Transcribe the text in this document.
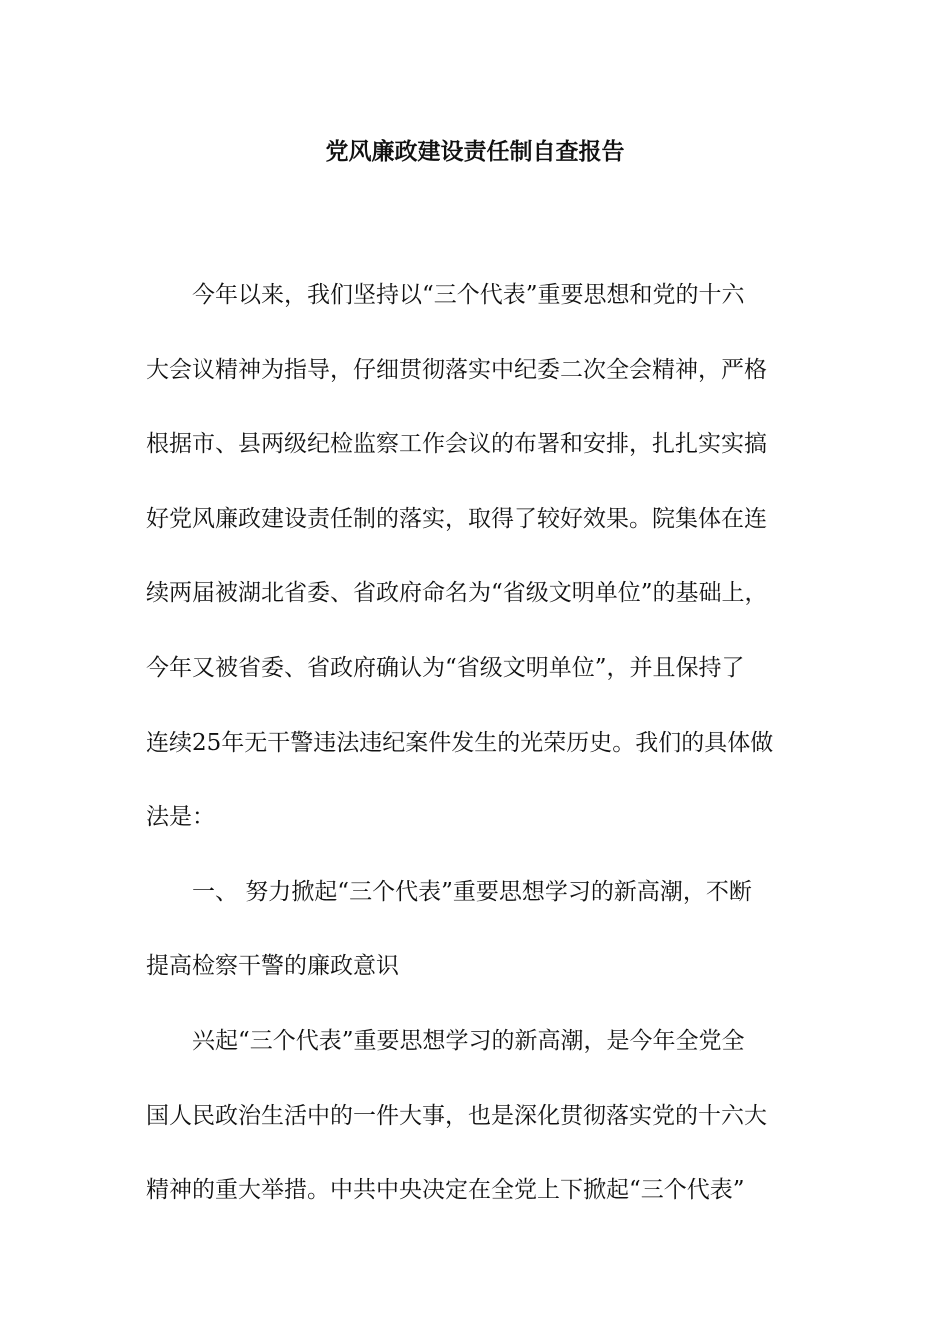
党风廉政建设责任制自查报告
今年以来，我们坚持以“三个代表”重要思想和党的十六
大会议精神为指导，仔细贯彻落实中纪委二次全会精神，严格
根据市、县两级纪检监察工作会议的布署和安排，扎扎实实搞
好党风廉政建设责任制的落实，取得了较好效果。院集体在连
续两届被湖北省委、省政府命名为“省级文明单位”的基础上，
今年又被省委、省政府确认为“省级文明单位”，并且保持了
连续25年无干警违法违纪案件发生的光荣历史。我们的具体做
法是：
一、 努力掀起“三个代表”重要思想学习的新高潮，不断
提高检察干警的廉政意识
兴起“三个代表”重要思想学习的新高潮，是今年全党全
国人民政治生活中的一件大事，也是深化贯彻落实党的十六大
精神的重大举措。中共中央决定在全党上下掀起“三个代表”
